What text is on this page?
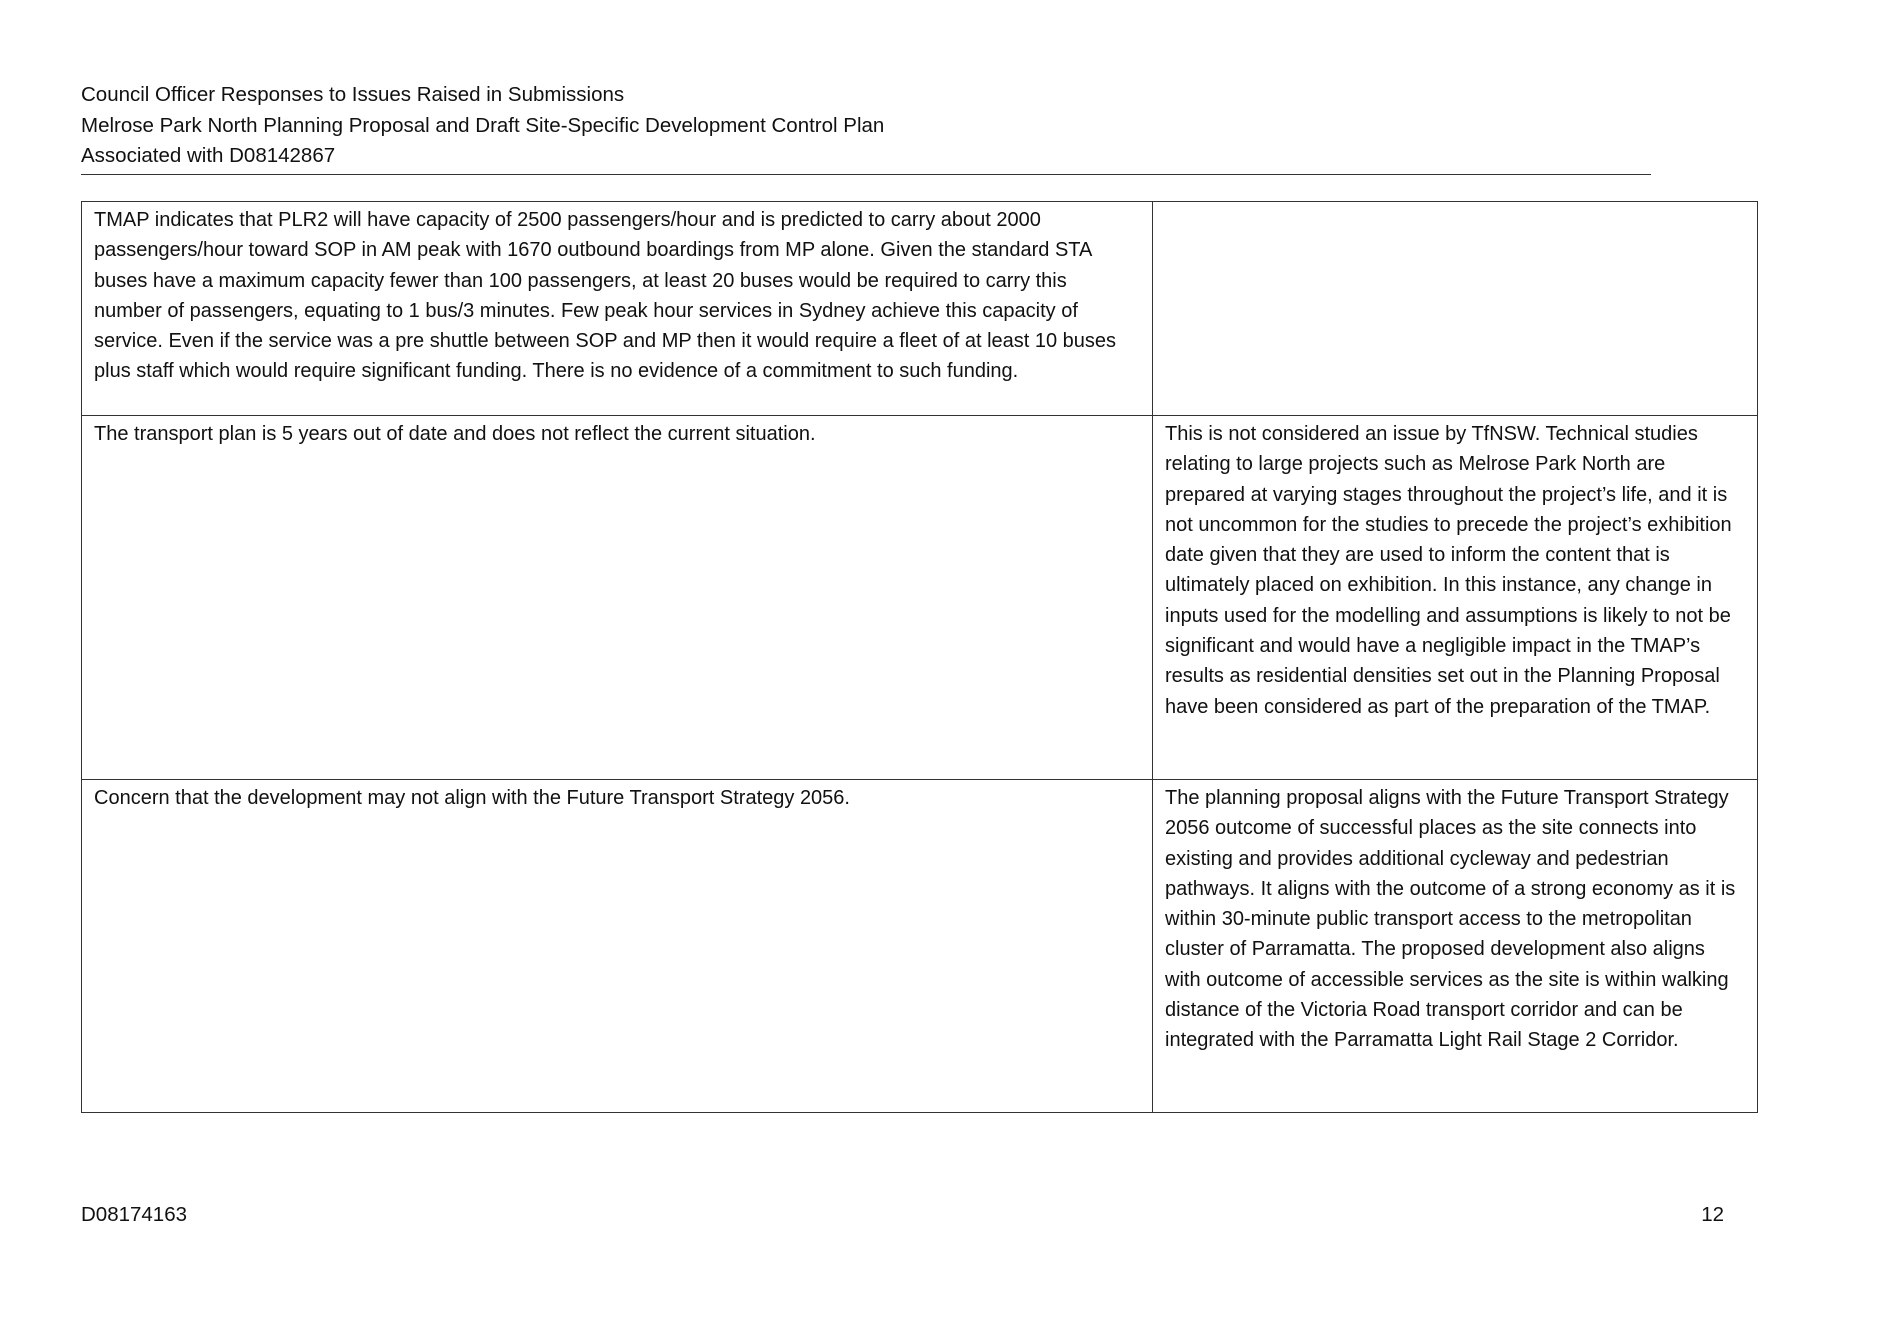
Council Officer Responses to Issues Raised in Submissions
Melrose Park North Planning Proposal and Draft Site-Specific Development Control Plan
Associated with D08142867
TMAP indicates that PLR2 will have capacity of 2500 passengers/hour and is predicted to carry about 2000 passengers/hour toward SOP in AM peak with 1670 outbound boardings from MP alone. Given the standard STA buses have a maximum capacity fewer than 100 passengers, at least 20 buses would be required to carry this number of passengers, equating to 1 bus/3 minutes. Few peak hour services in Sydney achieve this capacity of service. Even if the service was a pre shuttle between SOP and MP then it would require a fleet of at least 10 buses plus staff which would require significant funding. There is no evidence of a commitment to such funding.	
The transport plan is 5 years out of date and does not reflect the current situation.	This is not considered an issue by TfNSW. Technical studies relating to large projects such as Melrose Park North are prepared at varying stages throughout the project’s life, and it is not uncommon for the studies to precede the project’s exhibition date given that they are used to inform the content that is ultimately placed on exhibition. In this instance, any change in inputs used for the modelling and assumptions is likely to not be significant and would have a negligible impact in the TMAP’s results as residential densities set out in the Planning Proposal have been considered as part of the preparation of the TMAP.
Concern that the development may not align with the Future Transport Strategy 2056.	The planning proposal aligns with the Future Transport Strategy 2056 outcome of successful places as the site connects into existing and provides additional cycleway and pedestrian pathways. It aligns with the outcome of a strong economy as it is within 30-minute public transport access to the metropolitan cluster of Parramatta. The proposed development also aligns with outcome of accessible services as the site is within walking distance of the Victoria Road transport corridor and can be integrated with the Parramatta Light Rail Stage 2 Corridor.
D08174163	12
